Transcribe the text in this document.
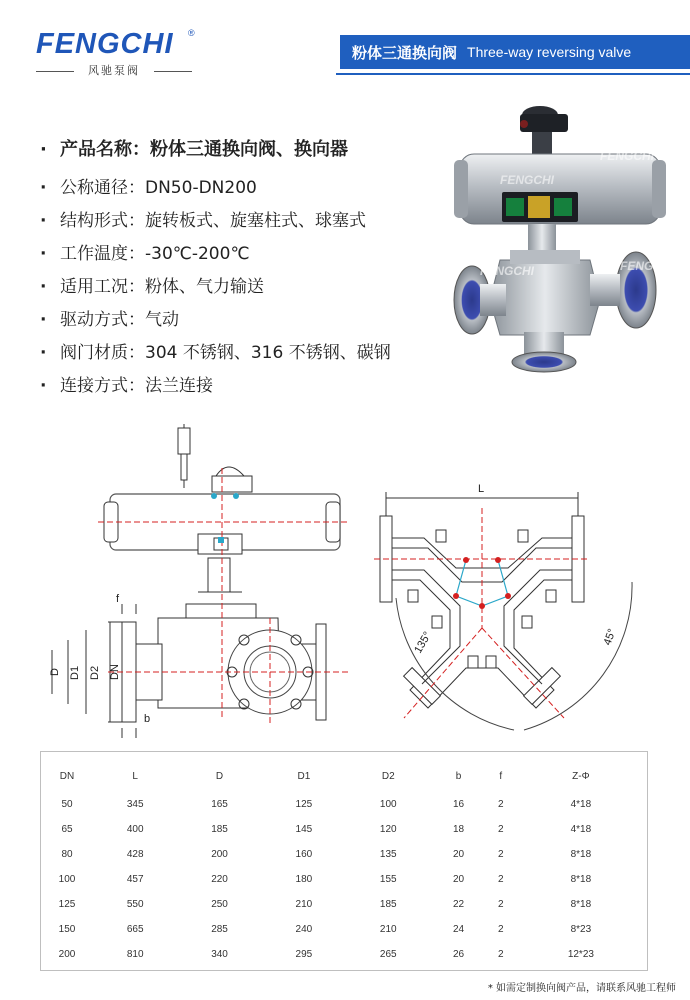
FENGCHI ®
风驰泵阀
粉体三通换向阀 Three-way reversing valve
· 产品名称 ： 粉体三通换向阀、换向器
· 公称通径 ： DN50-DN200
· 结构形式 ： 旋转板式、旋塞柱式、球塞式
· 工作温度 ： -30℃-200℃
· 适用工况 ： 粉体、气力输送
· 驱动方式 ： 气动
· 阀门材质 ： 304 不锈钢、316 不锈钢、碳钢
· 连接方式 ： 法兰连接
FENGCHI
FENGCHI
FENGCHI	FENGCHI
FENGCHI	FENGCHI
f
D D1 D2 DN
b
L
135°	45°
DN	L	D	D1	D2	b	f	Z-Φ
50	345	165	125	100	16	2	4*18
65	400	185	145	120	18	2	4*18
80	428	200	160	135	20	2	8*18
100	457	220	180	155	20	2	8*18
125	550	250	210	185	22	2	8*18
150	665	285	240	210	24	2	8*23
200	810	340	295	265	26	2	12*23
* 如需定制换向阀产品，请联系风驰工程师
